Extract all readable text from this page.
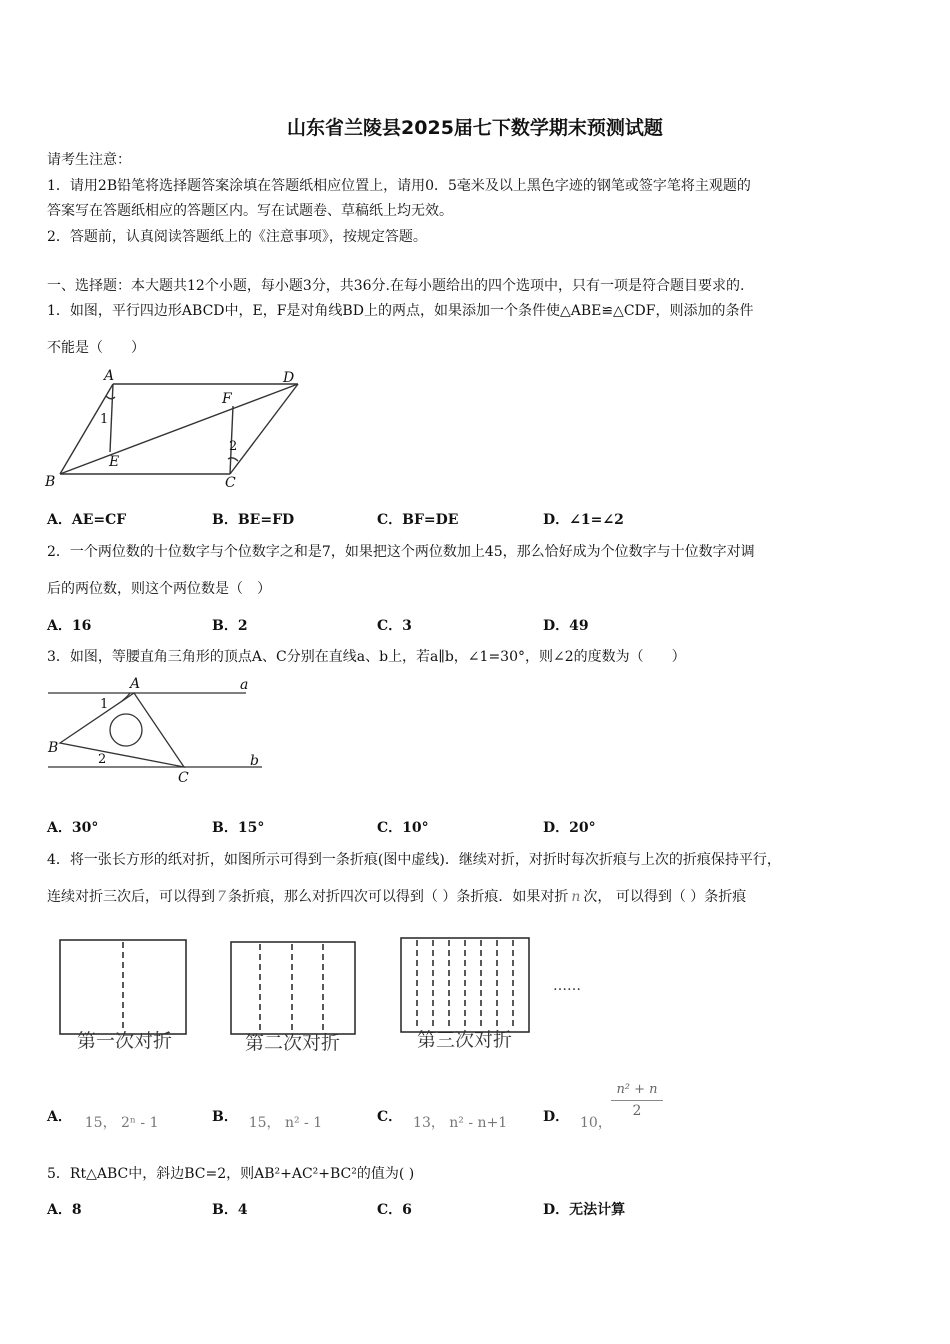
山东省兰陵县2025届七下数学期末预测试题
请考生注意：
1．请用2B铅笔将选择题答案涂填在答题纸相应位置上，请用0．5毫米及以上黑色字迹的钢笔或签字笔将主观题的
答案写在答题纸相应的答题区内。写在试题卷、草稿纸上均无效。
2．答题前，认真阅读答题纸上的《注意事项》，按规定答题。
一、选择题：本大题共12个小题，每小题3分，共36分.在每小题给出的四个选项中，只有一项是符合题目要求的.
1．如图，平行四边形ABCD中，E，F是对角线BD上的两点，如果添加一个条件使△ABE≌△CDF，则添加的条件
不能是（　　）
A	D
F
E
B	C
1
2
A．AE=CF	B．BE=FD	C．BF=DE	D．∠1=∠2
2．一个两位数的十位数字与个位数字之和是7，如果把这个两位数加上45，那么恰好成为个位数字与十位数字对调
后的两位数，则这个两位数是（　）
A．16	B．2	C．3	D．49
3．如图，等腰直角三角形的顶点A、C分别在直线a、b上，若a∥b，∠1=30°，则∠2的度数为（　　）
A
B
C
a
b
1
2
A．30°	B．15°	C．10°	D．20°
4．将一张长方形的纸对折，如图所示可得到一条折痕(图中虚线)．继续对折，对折时每次折痕与上次的折痕保持平行，
连续对折三次后，可以得到 7 条折痕，那么对折四次可以得到（ ）条折痕．如果对折 n 次， 可以得到（ ）条折痕
第一次对折	第二次对折	第三次对折
……
A． 15， 2ⁿ - 1	B． 15， n² - 1	C． 13， n² - n+1	D． 10，
$\frac{\text{n² + n}}{2}$
5．Rt△ABC中，斜边BC=2，则AB²+AC²+BC²的值为( )
A．8	B．4	C．6	D．无法计算
